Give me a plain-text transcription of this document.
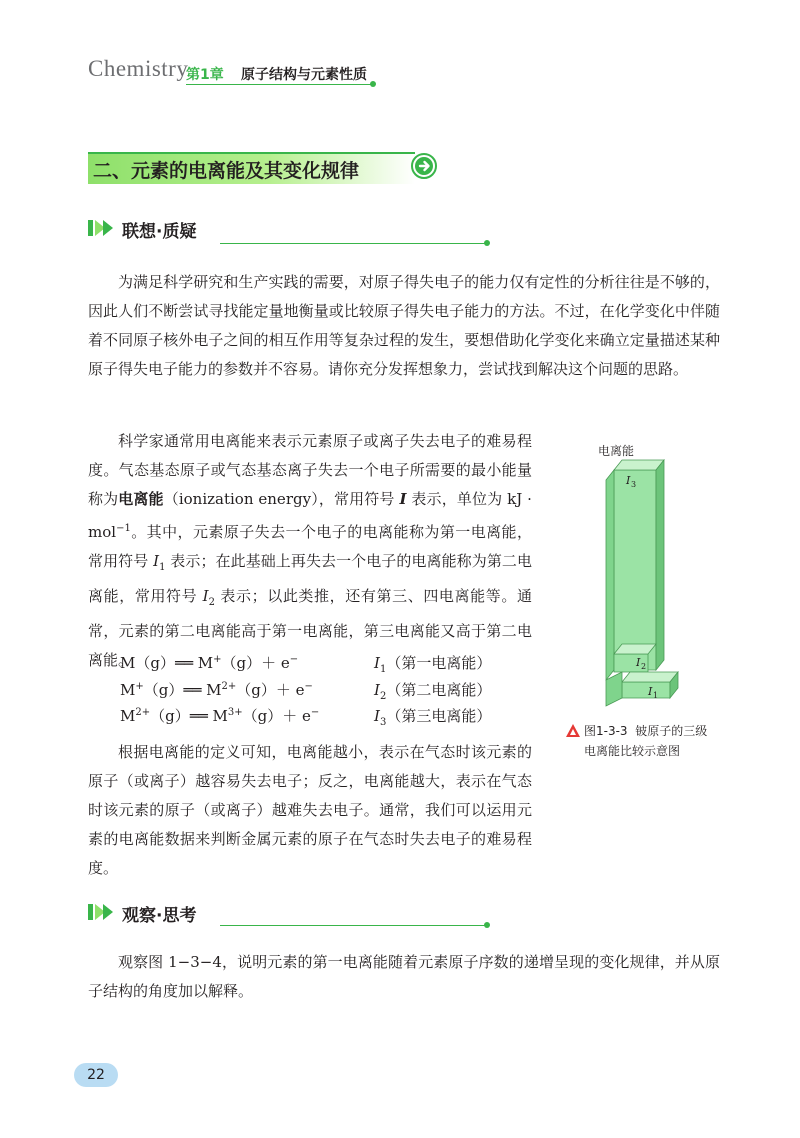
Chemistry
第1章 原子结构与元素性质
二、元素的电离能及其变化规律
联想·质疑
为满足科学研究和生产实践的需要，对原子得失电子的能力仅有定性的分析往往是不够的，因此人们不断尝试寻找能定量地衡量或比较原子得失电子能力的方法。不过，在化学变化中伴随着不同原子核外电子之间的相互作用等复杂过程的发生，要想借助化学变化来确立定量描述某种原子得失电子能力的参数并不容易。请你充分发挥想象力，尝试找到解决这个问题的思路。
科学家通常用电离能来表示元素原子或离子失去电子的难易程度。气态基态原子或气态基态离子失去一个电子所需要的最小能量称为电离能（ionization energy），常用符号 I 表示，单位为 kJ · mol$^{-1}$。其中，元素原子失去一个电子的电离能称为第一电离能，常用符号 $I_1$ 表示；在此基础上再失去一个电子的电离能称为第二电离能，常用符号 $I_2$ 表示；以此类推，还有第三、四电离能等。通常，元素的第二电离能高于第一电离能，第三电离能又高于第二电离能。
M（g）══ M+（g）＋ e−	$I_1$（第一电离能）
M+（g）══ $M^{2+}(g)+ e^-$	$I_2$（第二电离能）
$M^{2+}(g)══$ $M^{3+}(g)+ e^-$	$I_3$（第三电离能）
根据电离能的定义可知，电离能越小，表示在气态时该元素的原子（或离子）越容易失去电子；反之，电离能越大，表示在气态时该元素的原子（或离子）越难失去电子。通常，我们可以运用元素的电离能数据来判断金属元素的原子在气态时失去电子的难易程度。
电离能
I 3
I 2
I 1
图1-3-3 铍原子的三级
电离能比较示意图
观察·思考
观察图 1−3−4，说明元素的第一电离能随着元素原子序数的递增呈现的变化规律，并从原子结构的角度加以解释。
22
